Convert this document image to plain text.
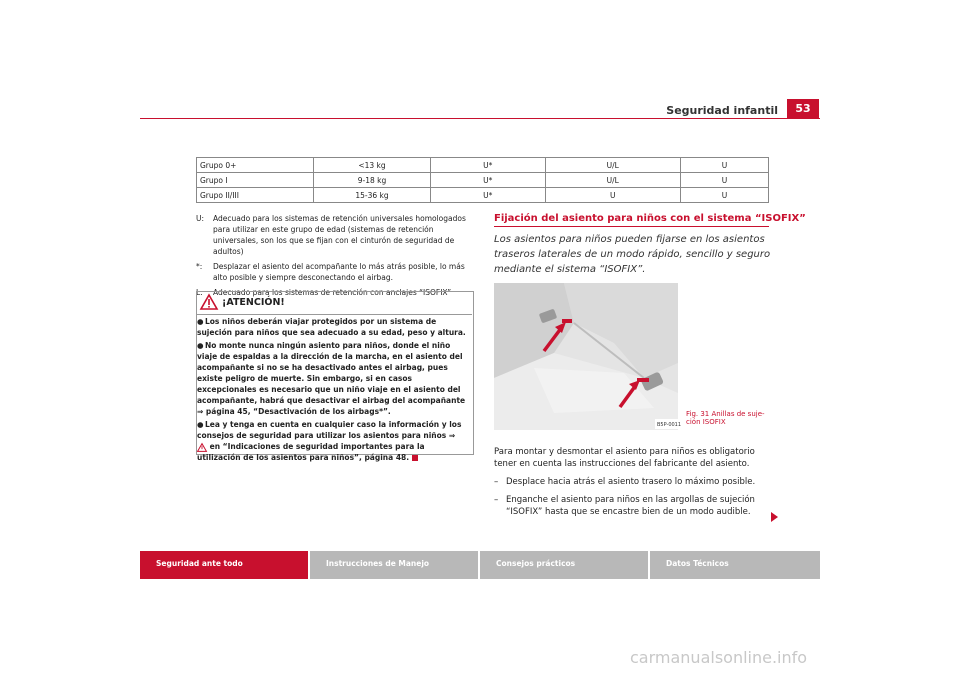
Seguridad infantil	53
Grupo 0+	<13 kg	U*	U/L	U
Grupo I	9-18 kg	U*	U/L	U
Grupo II/III	15-36 kg	U*	U	U
U:	Adecuado para los sistemas de retención universales homologados para utilizar en este grupo de edad (sistemas de retención universales, son los que se fijan con el cinturón de seguridad de adultos)
*:	Desplazar el asiento del acompañante lo más atrás posible, lo más alto posible y siempre desconectando el airbag.
L:	Adecuado para los sistemas de retención con anclajes “ISOFIX”
¡ATENCIÓN!

●Los niños deberán viajar protegidos por un sistema de sujeción para niños que sea adecuado a su edad, peso y altura.

●No monte nunca ningún asiento para niños, donde el niño viaje de espaldas a la dirección de la marcha, en el asiento del acompañante si no se ha desactivado antes el airbag, pues existe peligro de muerte. Sin embargo, si en casos excepcionales es necesario que un niño viaje en el asiento del acompañante, habrá que desactivar el airbag del acompañante ⇒ página 45, “Desactivación de los airbags*”.

●Lea y tenga en cuenta en cualquier caso la información y los consejos de seguridad para utilizar los asientos para niños ⇒  en “Indicaciones de seguridad importantes para la utilización de los asientos para niños”, página 48.

Fijación del asiento para niños con el sistema “ISOFIX”
Los asientos para niños pueden fijarse en los asientos traseros laterales de un modo rápido, sencillo y seguro mediante el sistema “ISOFIX”.
B5P-0011
Fig. 31 Anillas de suje-
ción ISOFIX

Para montar y desmontar el asiento para niños es obligatorio tener en cuenta las instrucciones del fabricante del asiento.

– Desplace hacia atrás el asiento trasero lo máximo posible.

– Enganche el asiento para niños en las argollas de sujeción “ISOFIX” hasta que se encastre bien de un modo audible.

Seguridad ante todo	Instrucciones de Manejo	Consejos prácticos	Datos Técnicos
carmanualsonline.info
